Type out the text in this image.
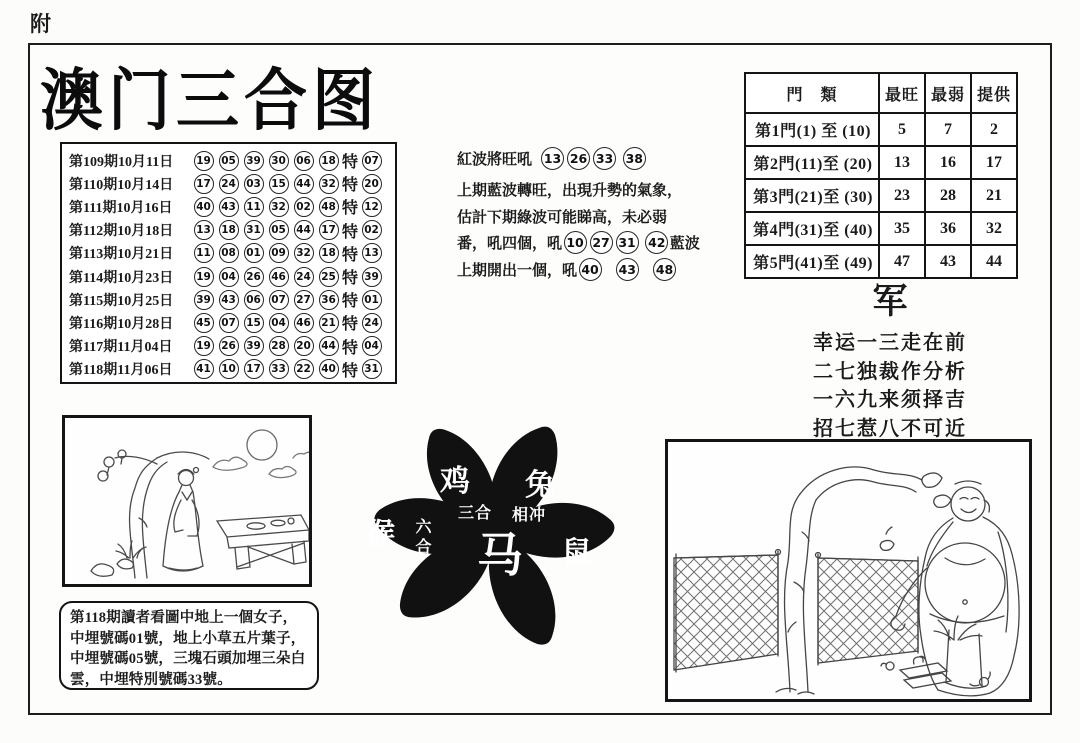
附
澳门三合图
第109期10月11日	19 05 39 30 06 18 特 07
第110期10月14日	17 24 03 15 44 32 特 20
第111期10月16日	40 43 11 32 02 48 特 12
第112期10月18日	13 18 31 05 44 17 特 02
第113期10月21日	11 08 01 09 32 18 特 13
第114期10月23日	19 04 26 46 24 25 特 39
第115期10月25日	39 43 06 07 27 36 特 01
第116期10月28日	45 07 15 04 46 21 特 24
第117期11月04日	19 26 39 28 20 44 特 04
第118期11月06日	41 10 17 33 22 40 特 31
紅波將旺吼 13 26 33
38
上期藍波轉旺，出現升勢的氣象，
估計下期綠波可能睇高，未必弱
番，吼四個，吼 10 27 31
42 藍波
上期開出一個，吼 40
43
48
門　類	最旺	最弱	提供
第1門(1) 至 (10)	5	7	2
第2門(11)至 (20)	13	16	17
第3門(21)至 (30)	23	28	21
第4門(31)至 (40)	35	36	32
第5門(41)至 (49)	47	43	44
军
幸运一三走在前
二七独裁作分析
一六九来须择吉
招七惹八不可近
第118期讀者看圖中地上一個女子，中埋號碼01號，地上小草五片葉子，中埋號碼05號，三塊石頭加埋三朵白雲，中埋特別號碼33號。
鸡 兔
三合 相冲
猴 六
合 马 鼠
